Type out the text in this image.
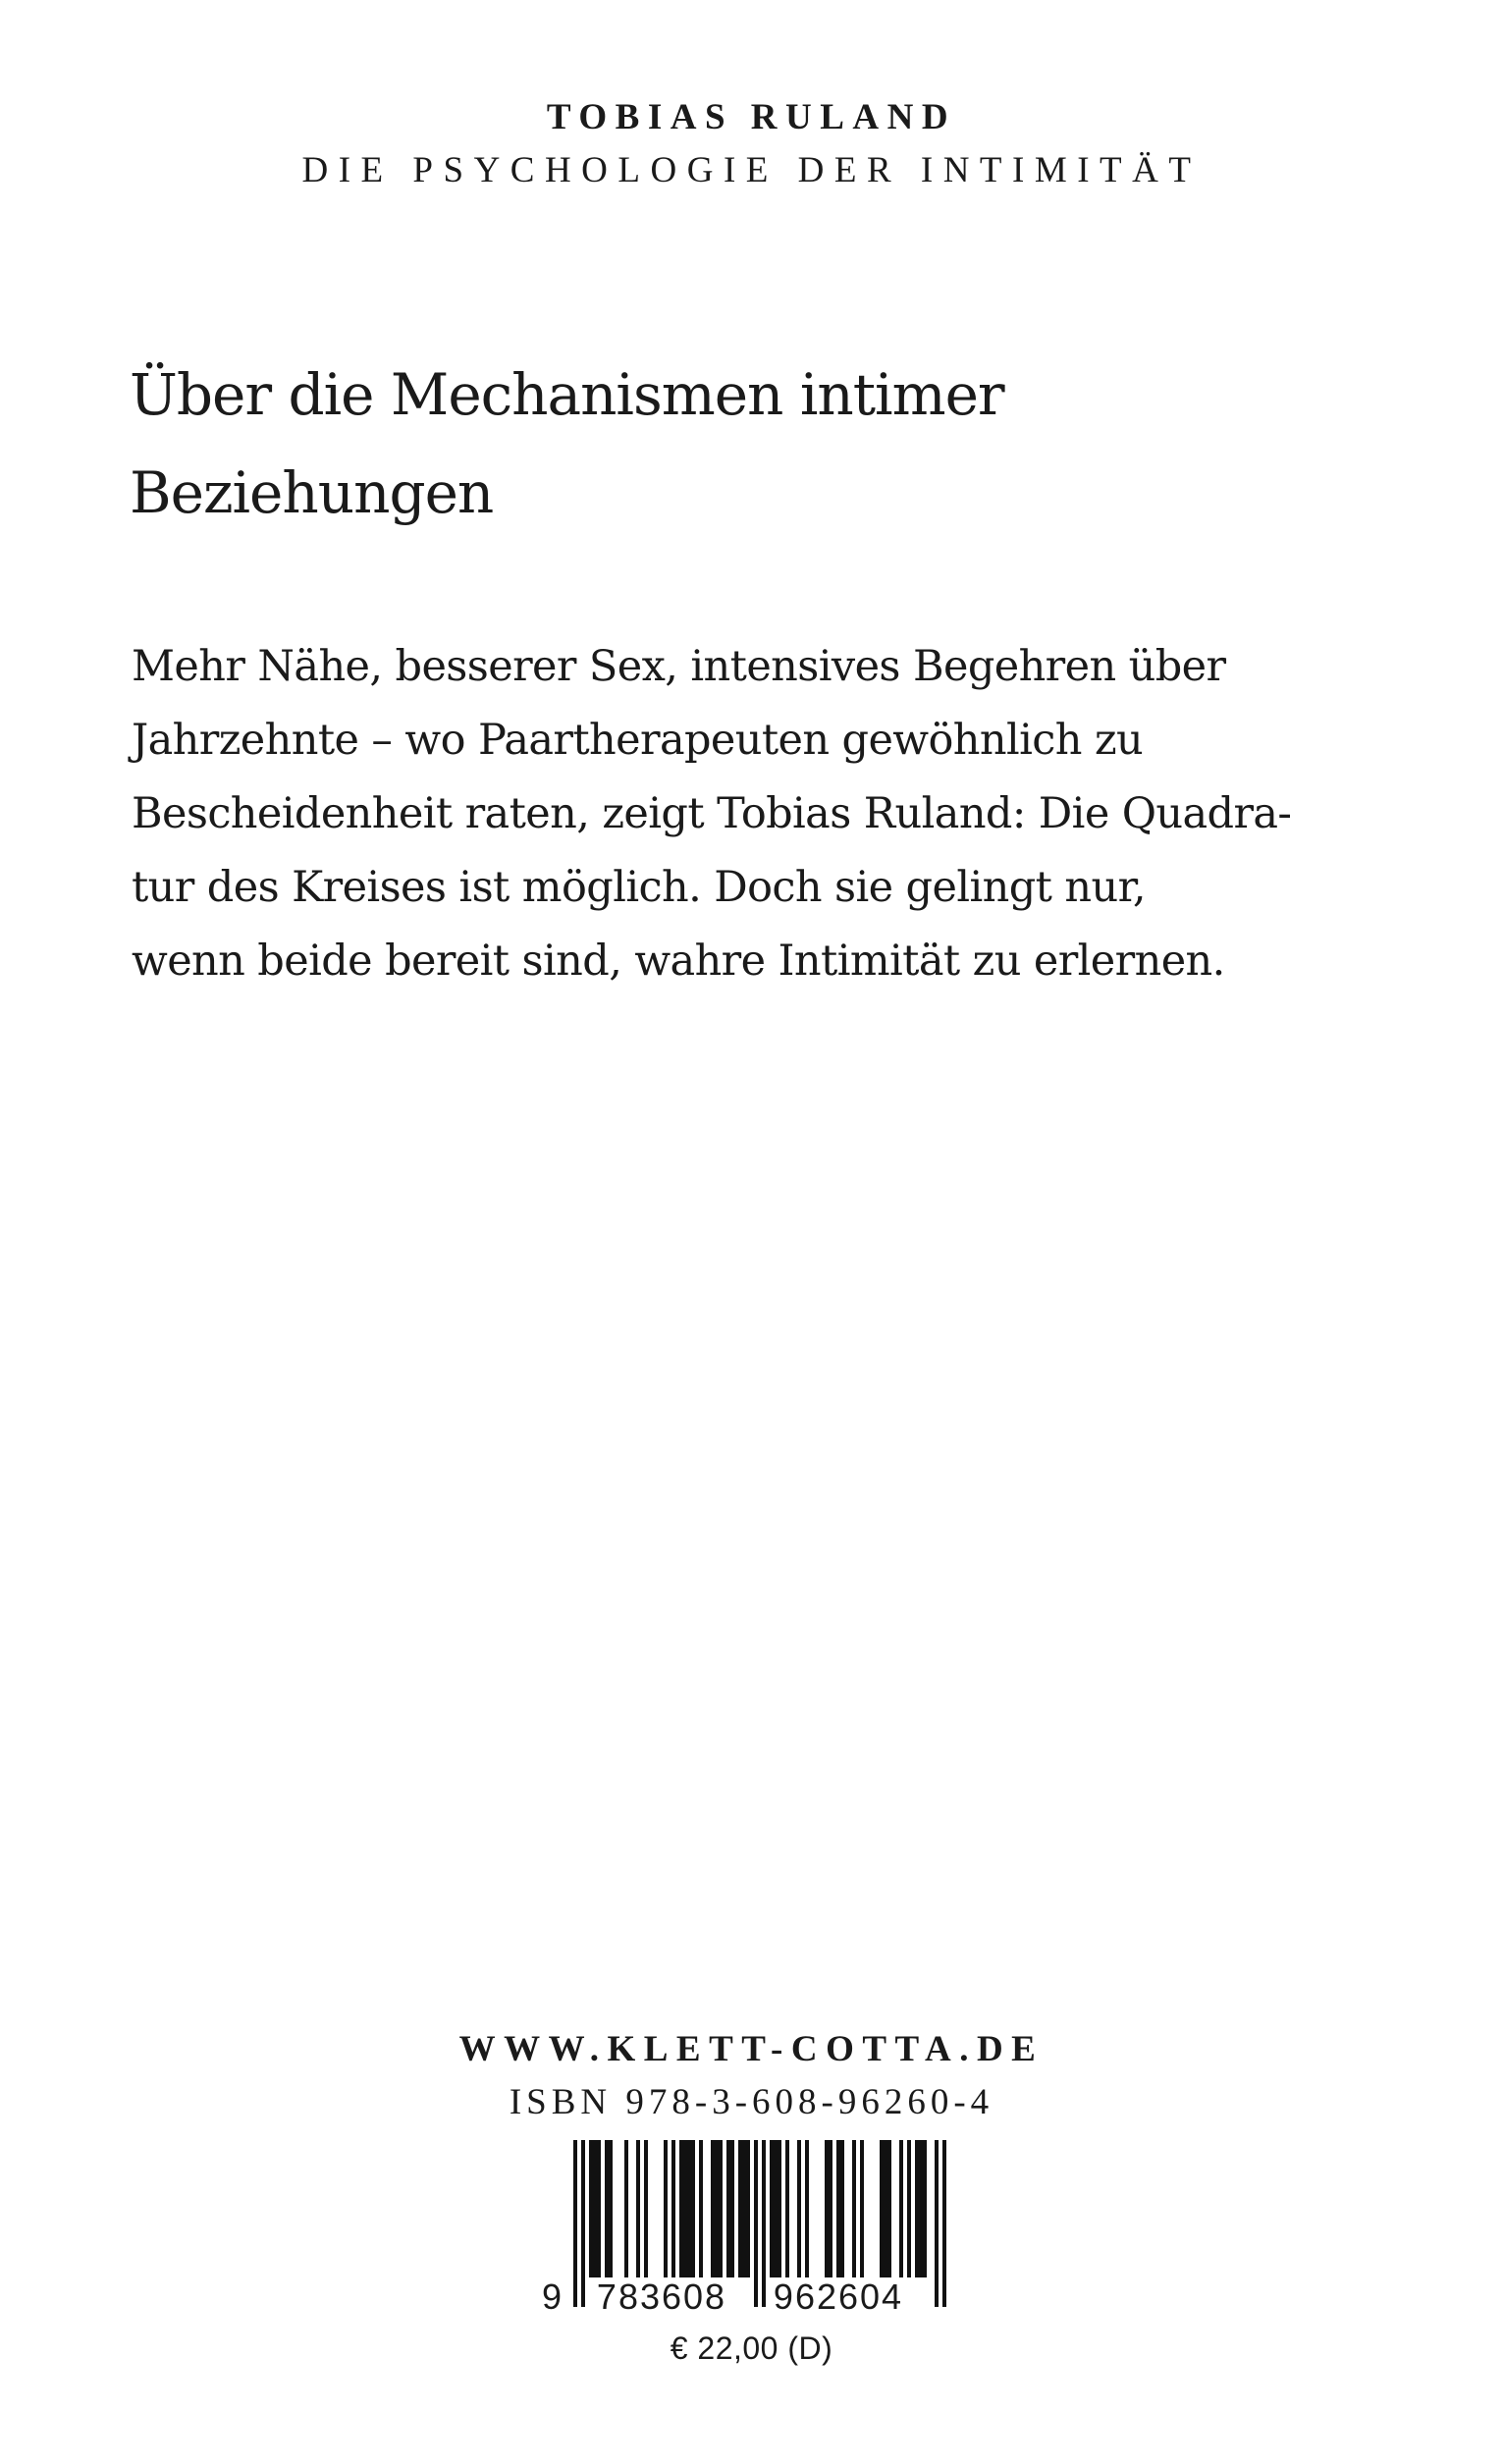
TOBIAS RULAND
DIE PSYCHOLOGIE DER INTIMITÄT
Über die Mechanismen intimer
Beziehungen
Mehr Nähe, besserer Sex, intensives Begehren über
Jahrzehnte – wo Paartherapeuten gewöhnlich zu
Bescheidenheit raten, zeigt Tobias Ruland: Die Quadra-
tur des Kreises ist möglich. Doch sie gelingt nur,
wenn beide bereit sind, wahre Intimität zu erlernen.
WWW.KLETT-COTTA.DE
ISBN 978-3-608-96260-4
9 783608 962604
€ 22,00 (D)
